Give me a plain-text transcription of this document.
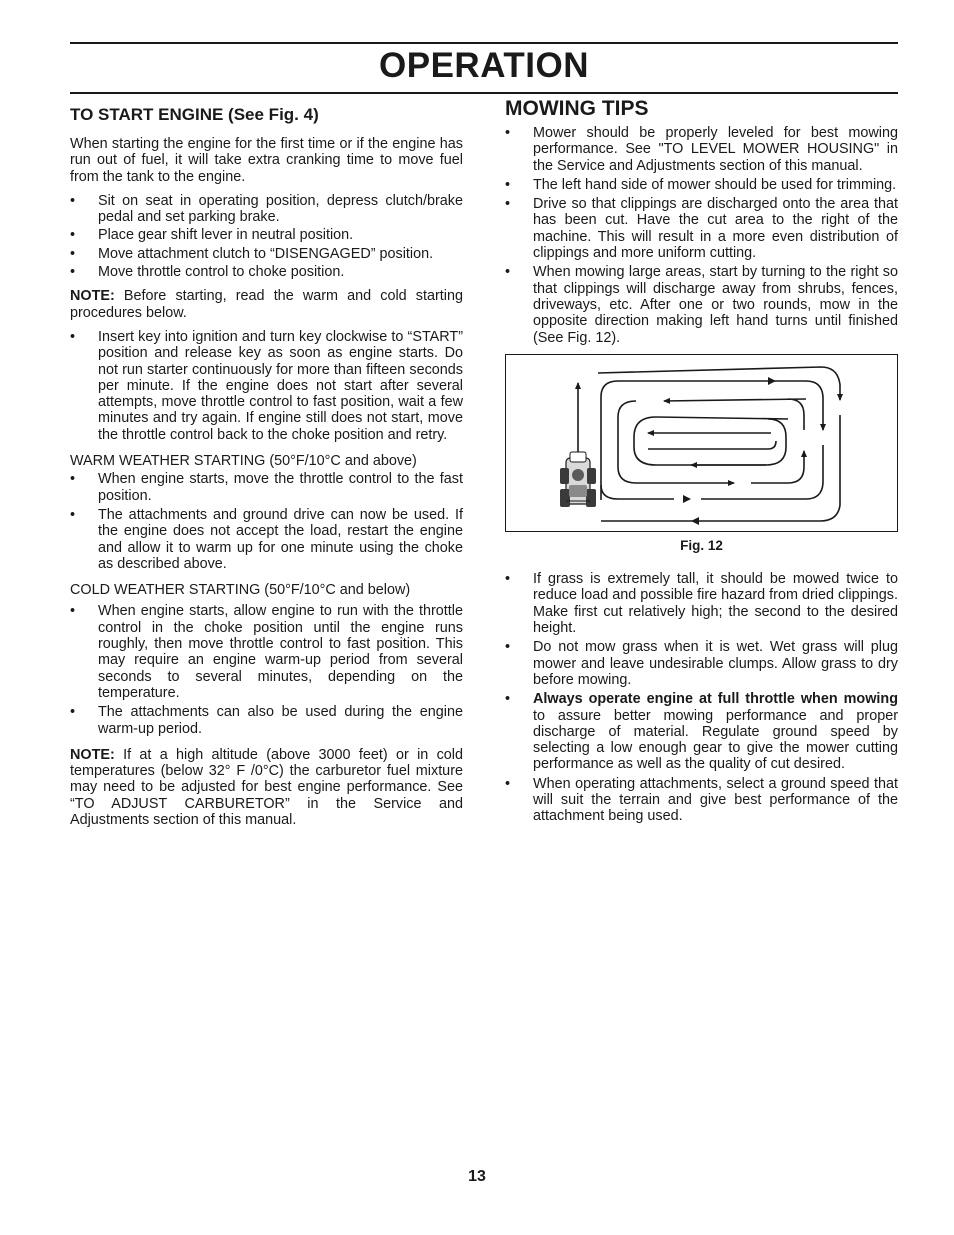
OPERATION
TO START ENGINE (See Fig. 4)

When starting the engine for the first time or if the engine has run out of fuel, it will take extra cranking time to move fuel from the tank to the engine.

• Sit on seat in operating position, depress clutch/brake pedal and set parking brake.
• Place gear shift lever in neutral position.
• Move attachment clutch to “DISENGAGED” position.
• Move throttle control to choke position.

NOTE: Before starting, read the warm and cold starting procedures below.

• Insert key into ignition and turn key clockwise to “START” position and release key as soon as engine starts. Do not run starter continuously for more than fifteen seconds per minute. If the engine does not start after several attempts, move throttle control to fast position, wait a few minutes and try again. If engine still does not start, move the throttle control back to the choke position and retry.

WARM WEATHER STARTING (50°F/10°C and above)

• When engine starts, move the throttle control to the fast position.
• The attachments and ground drive can now be used. If the engine does not accept the load, restart the engine and allow it to warm up for one minute using the choke as described above.

COLD WEATHER STARTING (50°F/10°C and below)

• When engine starts, allow engine to run with the throttle control in the choke position until the engine runs roughly, then move throttle control to fast position. This may require an engine warm-up period from several seconds to several minutes, depending on the temperature.
• The attachments can also be used during the engine warm-up period.

NOTE: If at a high altitude (above 3000 feet) or in cold temperatures (below 32° F /0°C) the carburetor fuel mixture may need to be adjusted for best engine performance. See “TO ADJUST CARBURETOR” in the Service and Adjustments section of this manual.

MOWING TIPS
• Mower should be properly leveled for best mowing performance. See "TO LEVEL MOWER HOUSING" in the Service and Adjustments section of this manual.
• The left hand side of mower should be used for trimming.
• Drive so that clippings are discharged onto the area that has been cut. Have the cut area to the right of the machine. This will result in a more even distribution of clippings and more uniform cutting.
• When mowing large areas, start by turning to the right so that clippings will discharge away from shrubs, fences, driveways, etc. After one or two rounds, mow in the opposite direction making left hand turns until finished (See Fig. 12).
Fig. 12
• If grass is extremely tall, it should be mowed twice to reduce load and possible fire hazard from dried clippings. Make first cut relatively high; the second to the desired height.
• Do not mow grass when it is wet. Wet grass will plug mower and leave undesirable clumps. Allow grass to dry before mowing.
• Always operate engine at full throttle when mowing to assure better mowing performance and proper discharge of material. Regulate ground speed by selecting a low enough gear to give the mower cutting performance as well as the quality of cut desired.
• When operating attachments, select a ground speed that will suit the terrain and give best performance of the attachment being used.
13
